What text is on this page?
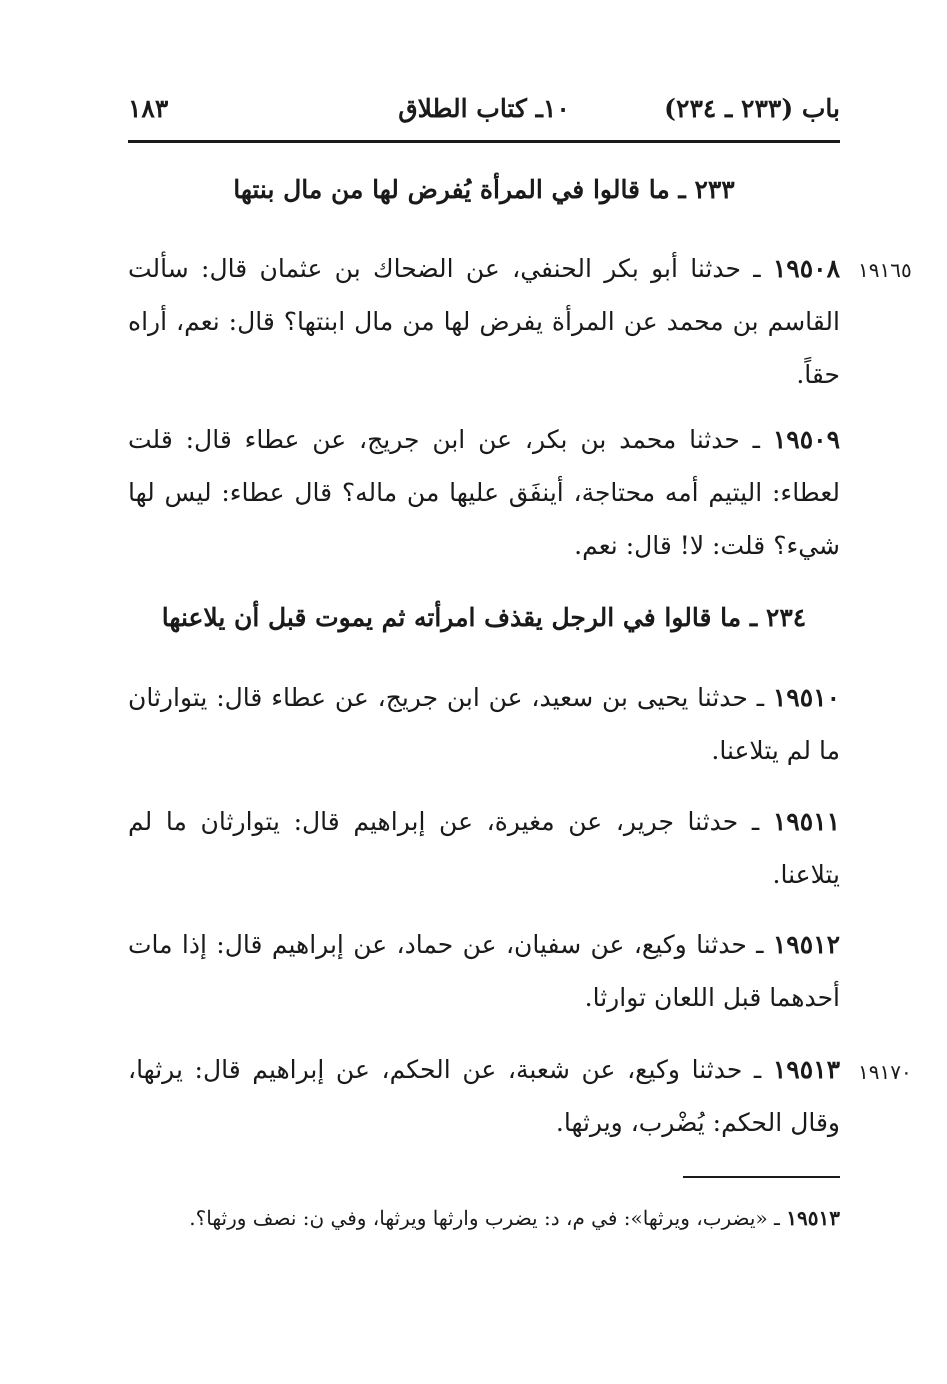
باب (٢٣٣ ـ ٢٣٤)
١٠ـ كتاب الطلاق
١٨٣
٢٣٣ ـ ما قالوا في المرأة يُفرض لها من مال بنتها
١٩١٦٥
١٩٥٠٨ ـ حدثنا أبو بكر الحنفي، عن الضحاك بن عثمان قال: سألت القاسم بن محمد عن المرأة يفرض لها من مال ابنتها؟ قال: نعم، أراه حقاً.
١٩٥٠٩ ـ حدثنا محمد بن بكر، عن ابن جريج، عن عطاء قال: قلت لعطاء: اليتيم أمه محتاجة، أينفَق عليها من ماله؟ قال عطاء: ليس لها شيء؟ قلت: لا! قال: نعم.
٢٣٤ ـ ما قالوا في الرجل يقذف امرأته ثم يموت قبل أن يلاعنها
١٩٥١٠ ـ حدثنا يحيى بن سعيد، عن ابن جريج، عن عطاء قال: يتوارثان ما لم يتلاعنا.
١٩٥١١ ـ حدثنا جرير، عن مغيرة، عن إبراهيم قال: يتوارثان ما لم يتلاعنا.
١٩٥١٢ ـ حدثنا وكيع، عن سفيان، عن حماد، عن إبراهيم قال: إذا مات أحدهما قبل اللعان توارثا.
١٩١٧٠
١٩٥١٣ ـ حدثنا وكيع، عن شعبة، عن الحكم، عن إبراهيم قال: يرثها، وقال الحكم: يُضْرب، ويرثها.
١٩٥١٣ ـ «يضرب، ويرثها»: في م، د: يضرب وارثها ويرثها، وفي ن: نصف ورثها؟.
